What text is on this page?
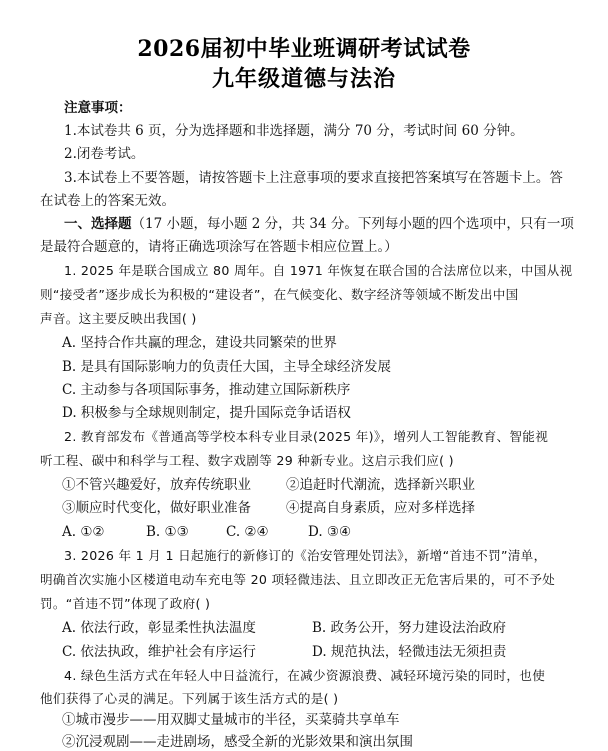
2026届初中毕业班调研考试试卷
九年级道德与法治
注意事项：
1.本试卷共 6 页，分为选择题和非选择题，满分 70 分，考试时间 60 分钟。
2.闭卷考试。
3.本试卷上不要答题，请按答题卡上注意事项的要求直接把答案填写在答题卡上。答
在试卷上的答案无效。
一、选择题（17 小题，每小题 2 分，共 34 分。下列每小题的四个选项中，只有一项
是最符合题意的，请将正确选项涂写在答题卡相应位置上。）
1. 2025 年是联合国成立 80 周年。自 1971 年恢复在联合国的合法席位以来，中国从视
则“接受者”逐步成长为积极的“建设者”，在气候变化、数字经济等领域不断发出中国
声音。这主要反映出我国( )
A. 坚持合作共赢的理念，建设共同繁荣的世界
B. 是具有国际影响力的负责任大国，主导全球经济发展
C. 主动参与各项国际事务，推动建立国际新秩序
D. 积极参与全球规则制定，提升国际竞争话语权
2. 教育部发布《普通高等学校本科专业目录(2025 年)》，增列人工智能教育、智能视
听工程、碳中和科学与工程、数字戏剧等 29 种新专业。这启示我们应( )
①不管兴趣爱好，放弃传统职业	②追赶时代潮流，选择新兴职业
③顺应时代变化，做好职业准备	④提高自身素质，应对多样选择
A. ①②	B. ①③	C. ②④	D. ③④
3. 2026 年 1 月 1 日起施行的新修订的《治安管理处罚法》，新增“首违不罚”清单，
明确首次实施小区楼道电动车充电等 20 项轻微违法、且立即改正无危害后果的，可不予处
罚。“首违不罚”体现了政府( )
A. 依法行政，彰显柔性执法温度	B. 政务公开，努力建设法治政府
C. 依法执政，维护社会有序运行	D. 规范执法，轻微违法无须担责
4. 绿色生活方式在年轻人中日益流行，在减少资源浪费、减轻环境污染的同时，也使
他们获得了心灵的满足。下列属于该生活方式的是( )
①城市漫步——用双脚丈量城市的半径，买菜骑共享单车
②沉浸观剧——走进剧场，感受全新的光影效果和演出氛围
